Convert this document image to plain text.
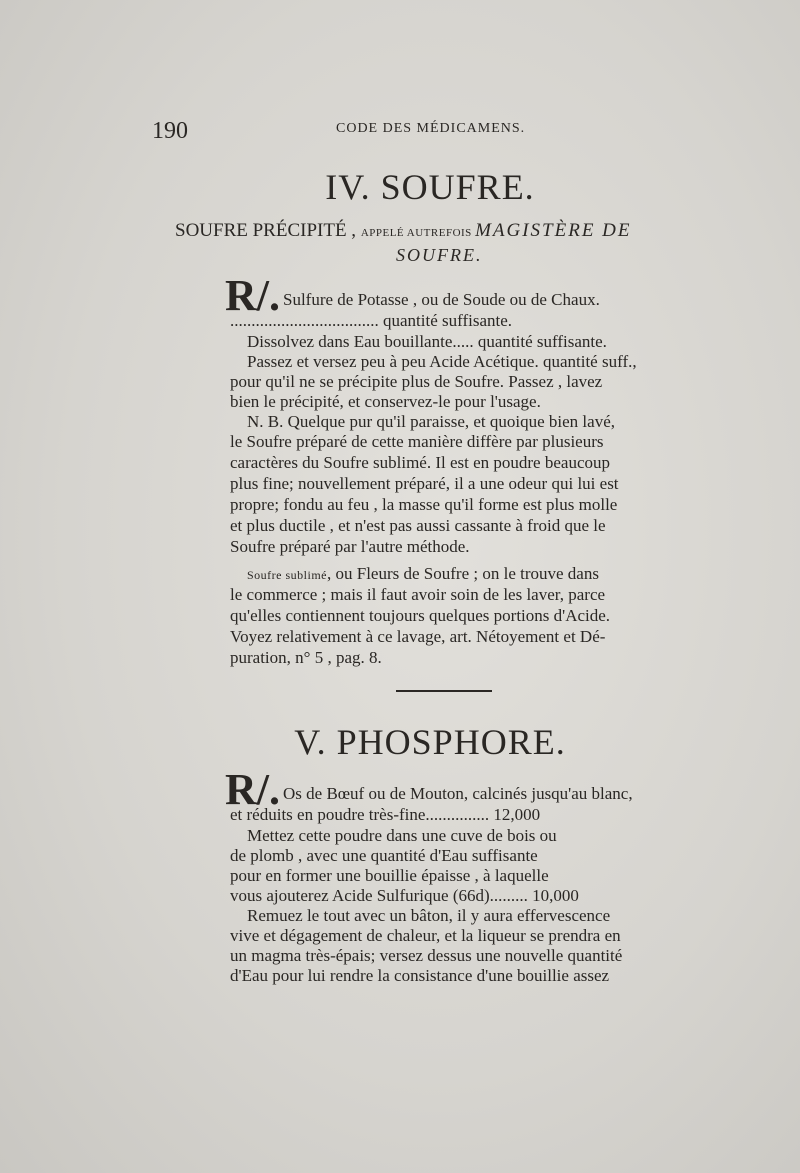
190	CODE DES MÉDICAMENS.
IV. SOUFRE.
SOUFRE PRÉCIPITÉ , APPELÉ AUTREFOIS MAGISTÈRE DE
SOUFRE.
R/. Sulfure de Potasse , ou de Soude ou de Chaux.
................................... quantité suffisante.
Dissolvez dans Eau bouillante..... quantité suffisante.
Passez et versez peu à peu Acide Acétique. quantité suff.,
pour qu'il ne se précipite plus de Soufre. Passez , lavez
bien le précipité, et conservez-le pour l'usage.
N. B. Quelque pur qu'il paraisse, et quoique bien lavé,
le Soufre préparé de cette manière diffère par plusieurs
caractères du Soufre sublimé. Il est en poudre beaucoup
plus fine; nouvellement préparé, il a une odeur qui lui est
propre; fondu au feu , la masse qu'il forme est plus molle
et plus ductile , et n'est pas aussi cassante à froid que le
Soufre préparé par l'autre méthode.
Soufre sublimé, ou Fleurs de Soufre ; on le trouve dans
le commerce ; mais il faut avoir soin de les laver, parce
qu'elles contiennent toujours quelques portions d'Acide.
Voyez relativement à ce lavage, art. Nétoyement et Dé-
puration, n° 5 , pag. 8.
V. PHOSPHORE.
R/. Os de Bœuf ou de Mouton, calcinés jusqu'au blanc,
et réduits en poudre très-fine............... 12,000
Mettez cette poudre dans une cuve de bois ou
de plomb , avec une quantité d'Eau suffisante
pour en former une bouillie épaisse , à laquelle
vous ajouterez Acide Sulfurique (66d)......... 10,000
Remuez le tout avec un bâton, il y aura effervescence
vive et dégagement de chaleur, et la liqueur se prendra en
un magma très-épais; versez dessus une nouvelle quantité
d'Eau pour lui rendre la consistance d'une bouillie assez
